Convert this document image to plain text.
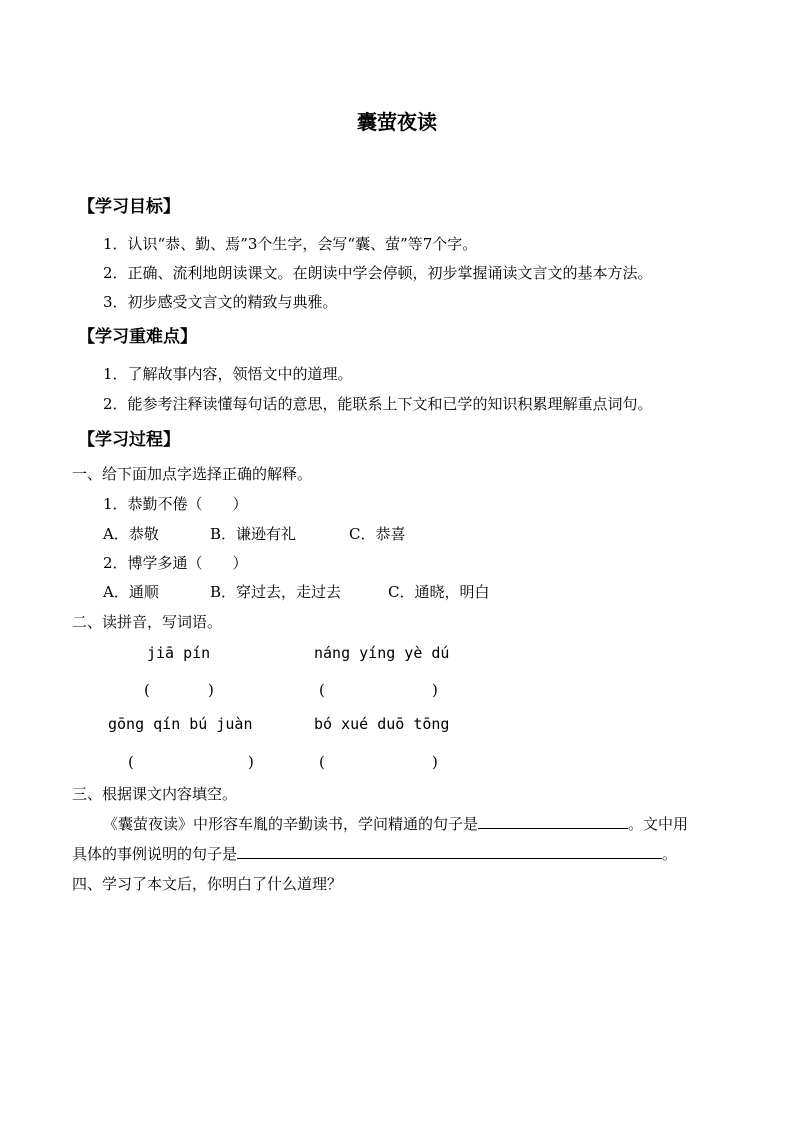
囊萤夜读
【学习目标】
1．认识“恭、勤、焉”3个生字，会写“囊、萤”等7个字。
2．正确、流利地朗读课文。在朗读中学会停顿，初步掌握诵读文言文的基本方法。
3．初步感受文言文的精致与典雅。
【学习重难点】
1．了解故事内容，领悟文中的道理。
2．能参考注释读懂每句话的意思，能联系上下文和已学的知识积累理解重点词句。
【学习过程】
一、给下面加点字选择正确的解释。
1．恭勤不倦（　　）
A．恭敬	B．谦逊有礼	C．恭喜
2．博学多通（　　）
A．通顺	B．穿过去，走过去	C．通晓，明白
二、读拼音，写词语。
jiā pín	náng yíng yè dú
(	)	(	)
gōng qín bú juàn	bó xué duō tōng
(	)	(	)
三、根据课文内容填空。
《囊萤夜读》中形容车胤的辛勤读书，学问精通的句子是	。文中用
具体的事例说明的句子是	。
四、学习了本文后，你明白了什么道理？
